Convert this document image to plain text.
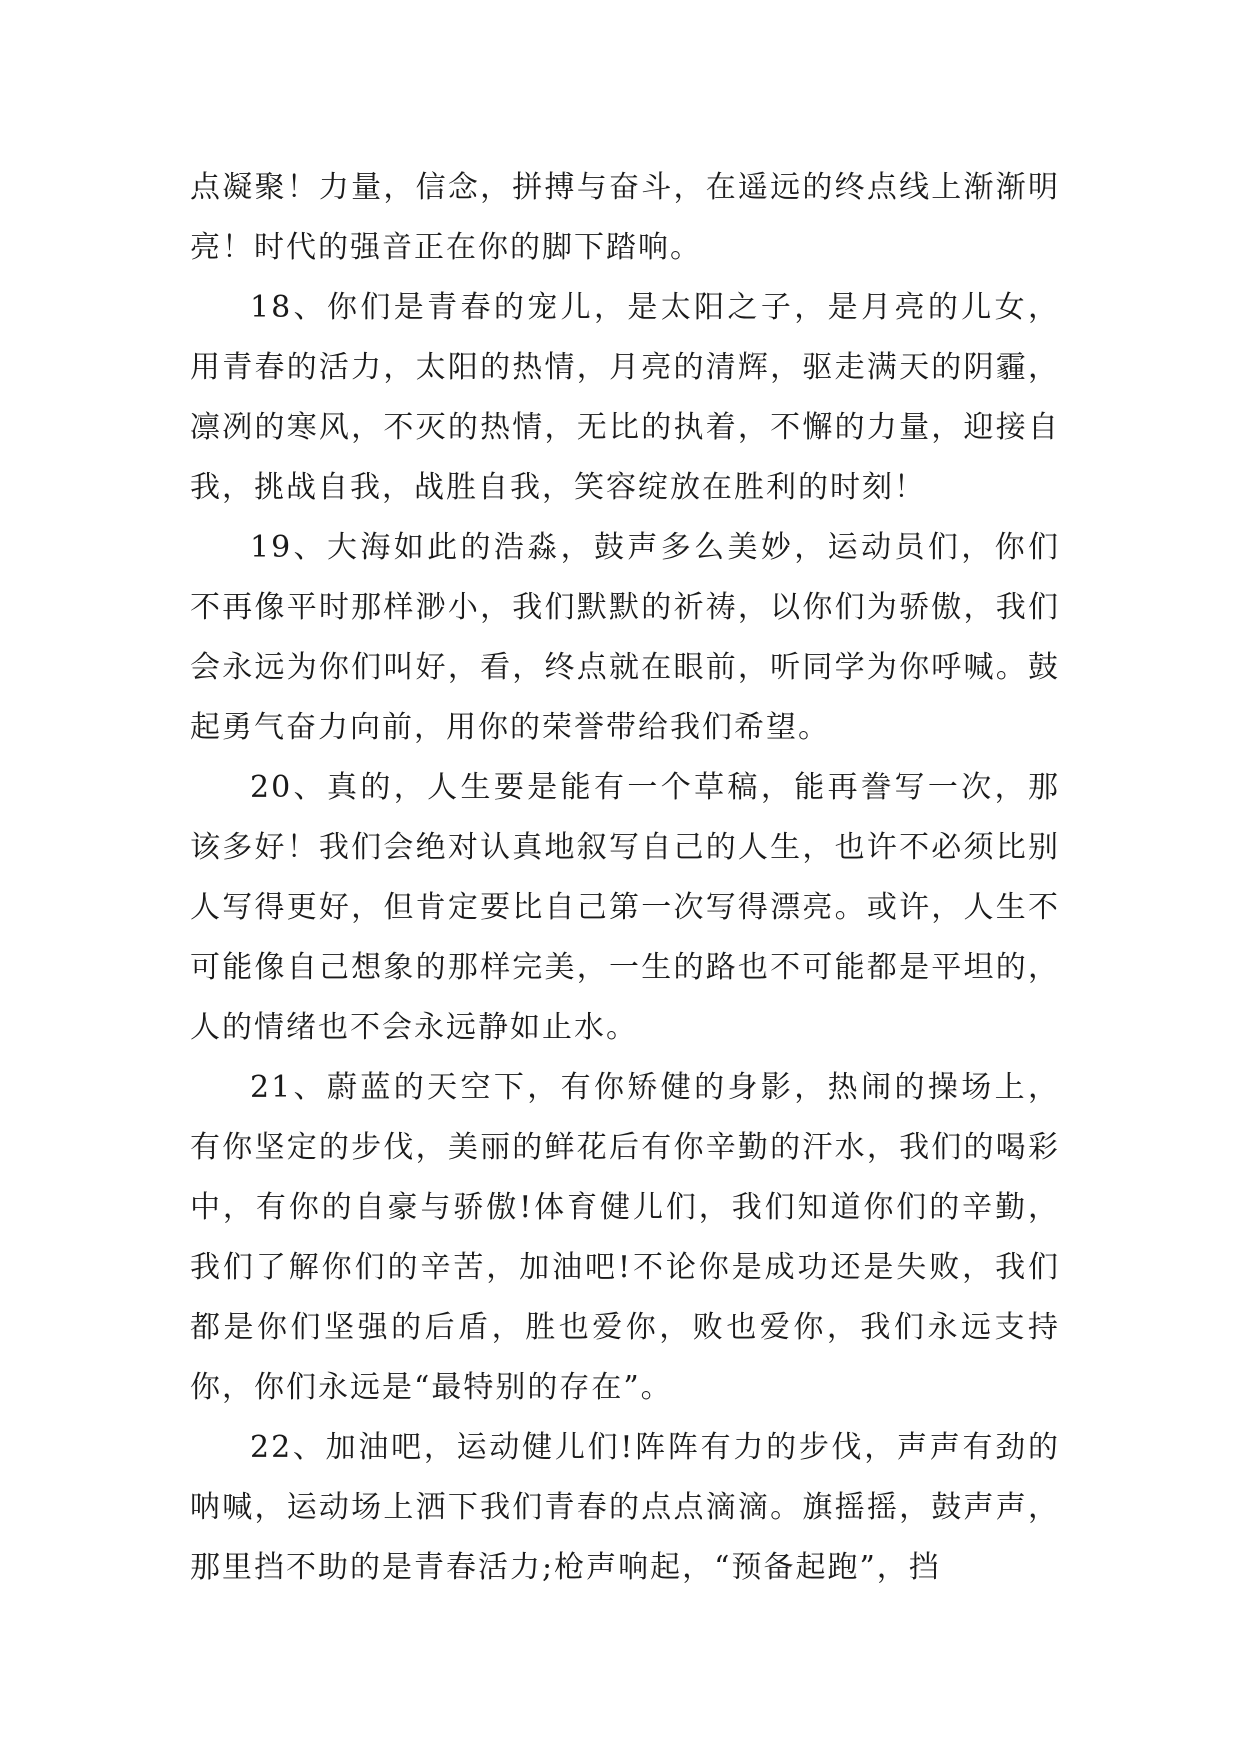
点凝聚！力量，信念，拼搏与奋斗，在遥远的终点线上渐渐明亮！时代的强音正在你的脚下踏响。

18、你们是青春的宠儿，是太阳之子，是月亮的儿女，用青春的活力，太阳的热情，月亮的清辉，驱走满天的阴霾，凛冽的寒风，不灭的热情，无比的执着，不懈的力量，迎接自我，挑战自我，战胜自我，笑容绽放在胜利的时刻！

19、大海如此的浩淼，鼓声多么美妙，运动员们，你们不再像平时那样渺小，我们默默的祈祷，以你们为骄傲，我们会永远为你们叫好，看，终点就在眼前，听同学为你呼喊。鼓起勇气奋力向前，用你的荣誉带给我们希望。

20、真的，人生要是能有一个草稿，能再誊写一次，那该多好！我们会绝对认真地叙写自己的人生，也许不必须比别人写得更好，但肯定要比自己第一次写得漂亮。或许，人生不可能像自己想象的那样完美，一生的路也不可能都是平坦的，人的情绪也不会永远静如止水。

21、蔚蓝的天空下，有你矫健的身影，热闹的操场上，有你坚定的步伐，美丽的鲜花后有你辛勤的汗水，我们的喝彩中，有你的自豪与骄傲!体育健儿们，我们知道你们的辛勤，我们了解你们的辛苦，加油吧!不论你是成功还是失败，我们都是你们坚强的后盾，胜也爱你，败也爱你，我们永远支持你，你们永远是“最特别的存在”。

22、加油吧，运动健儿们!阵阵有力的步伐，声声有劲的呐喊，运动场上洒下我们青春的点点滴滴。旗摇摇，鼓声声，那里挡不助的是青春活力;枪声响起，“预备起跑”，挡
